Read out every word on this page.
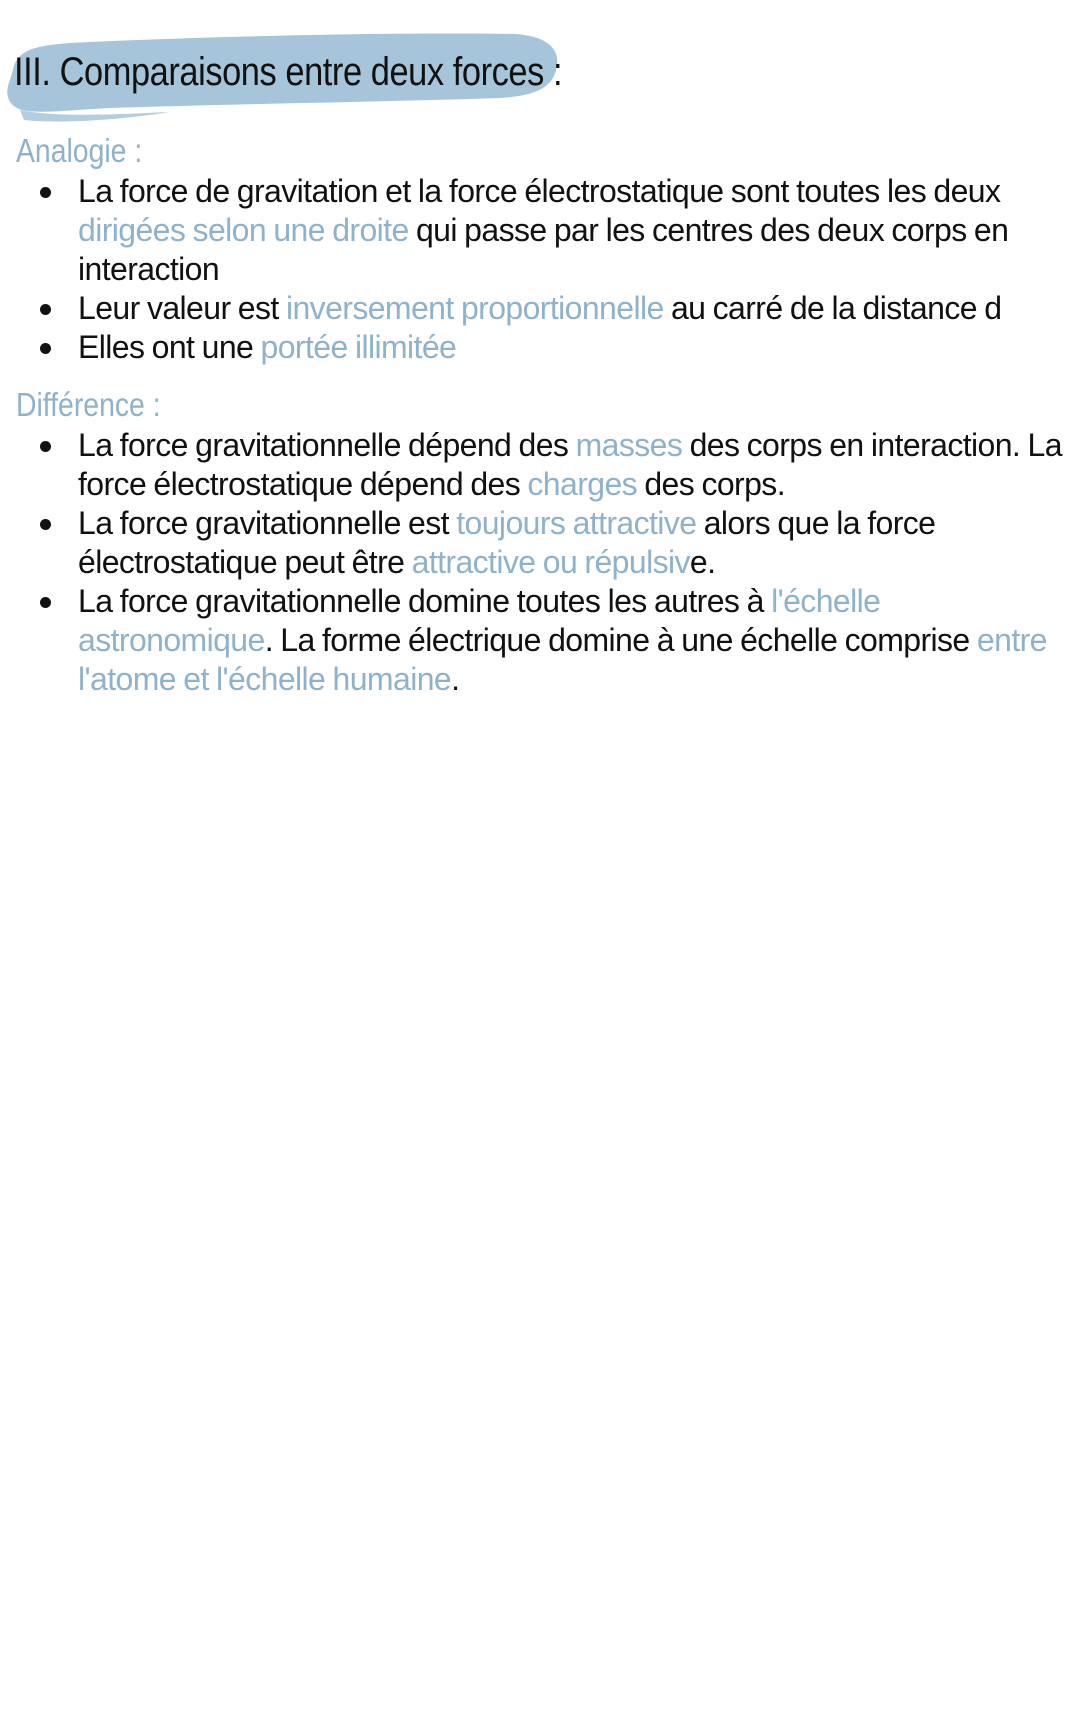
III. Comparaisons entre deux forces :
Analogie :
La force de gravitation et la force électrostatique sont toutes les deux dirigées selon une droite qui passe par les centres des deux corps en interaction
Leur valeur est inversement proportionnelle au carré de la distance d
Elles ont une portée illimitée
Différence :
La force gravitationnelle dépend des masses des corps en interaction. La force électrostatique dépend des charges des corps.
La force gravitationnelle est toujours attractive alors que la force électrostatique peut être attractive ou répulsive.
La force gravitationnelle domine toutes les autres à l'échelle astronomique. La forme électrique domine à une échelle comprise entre l'atome et l'échelle humaine.
